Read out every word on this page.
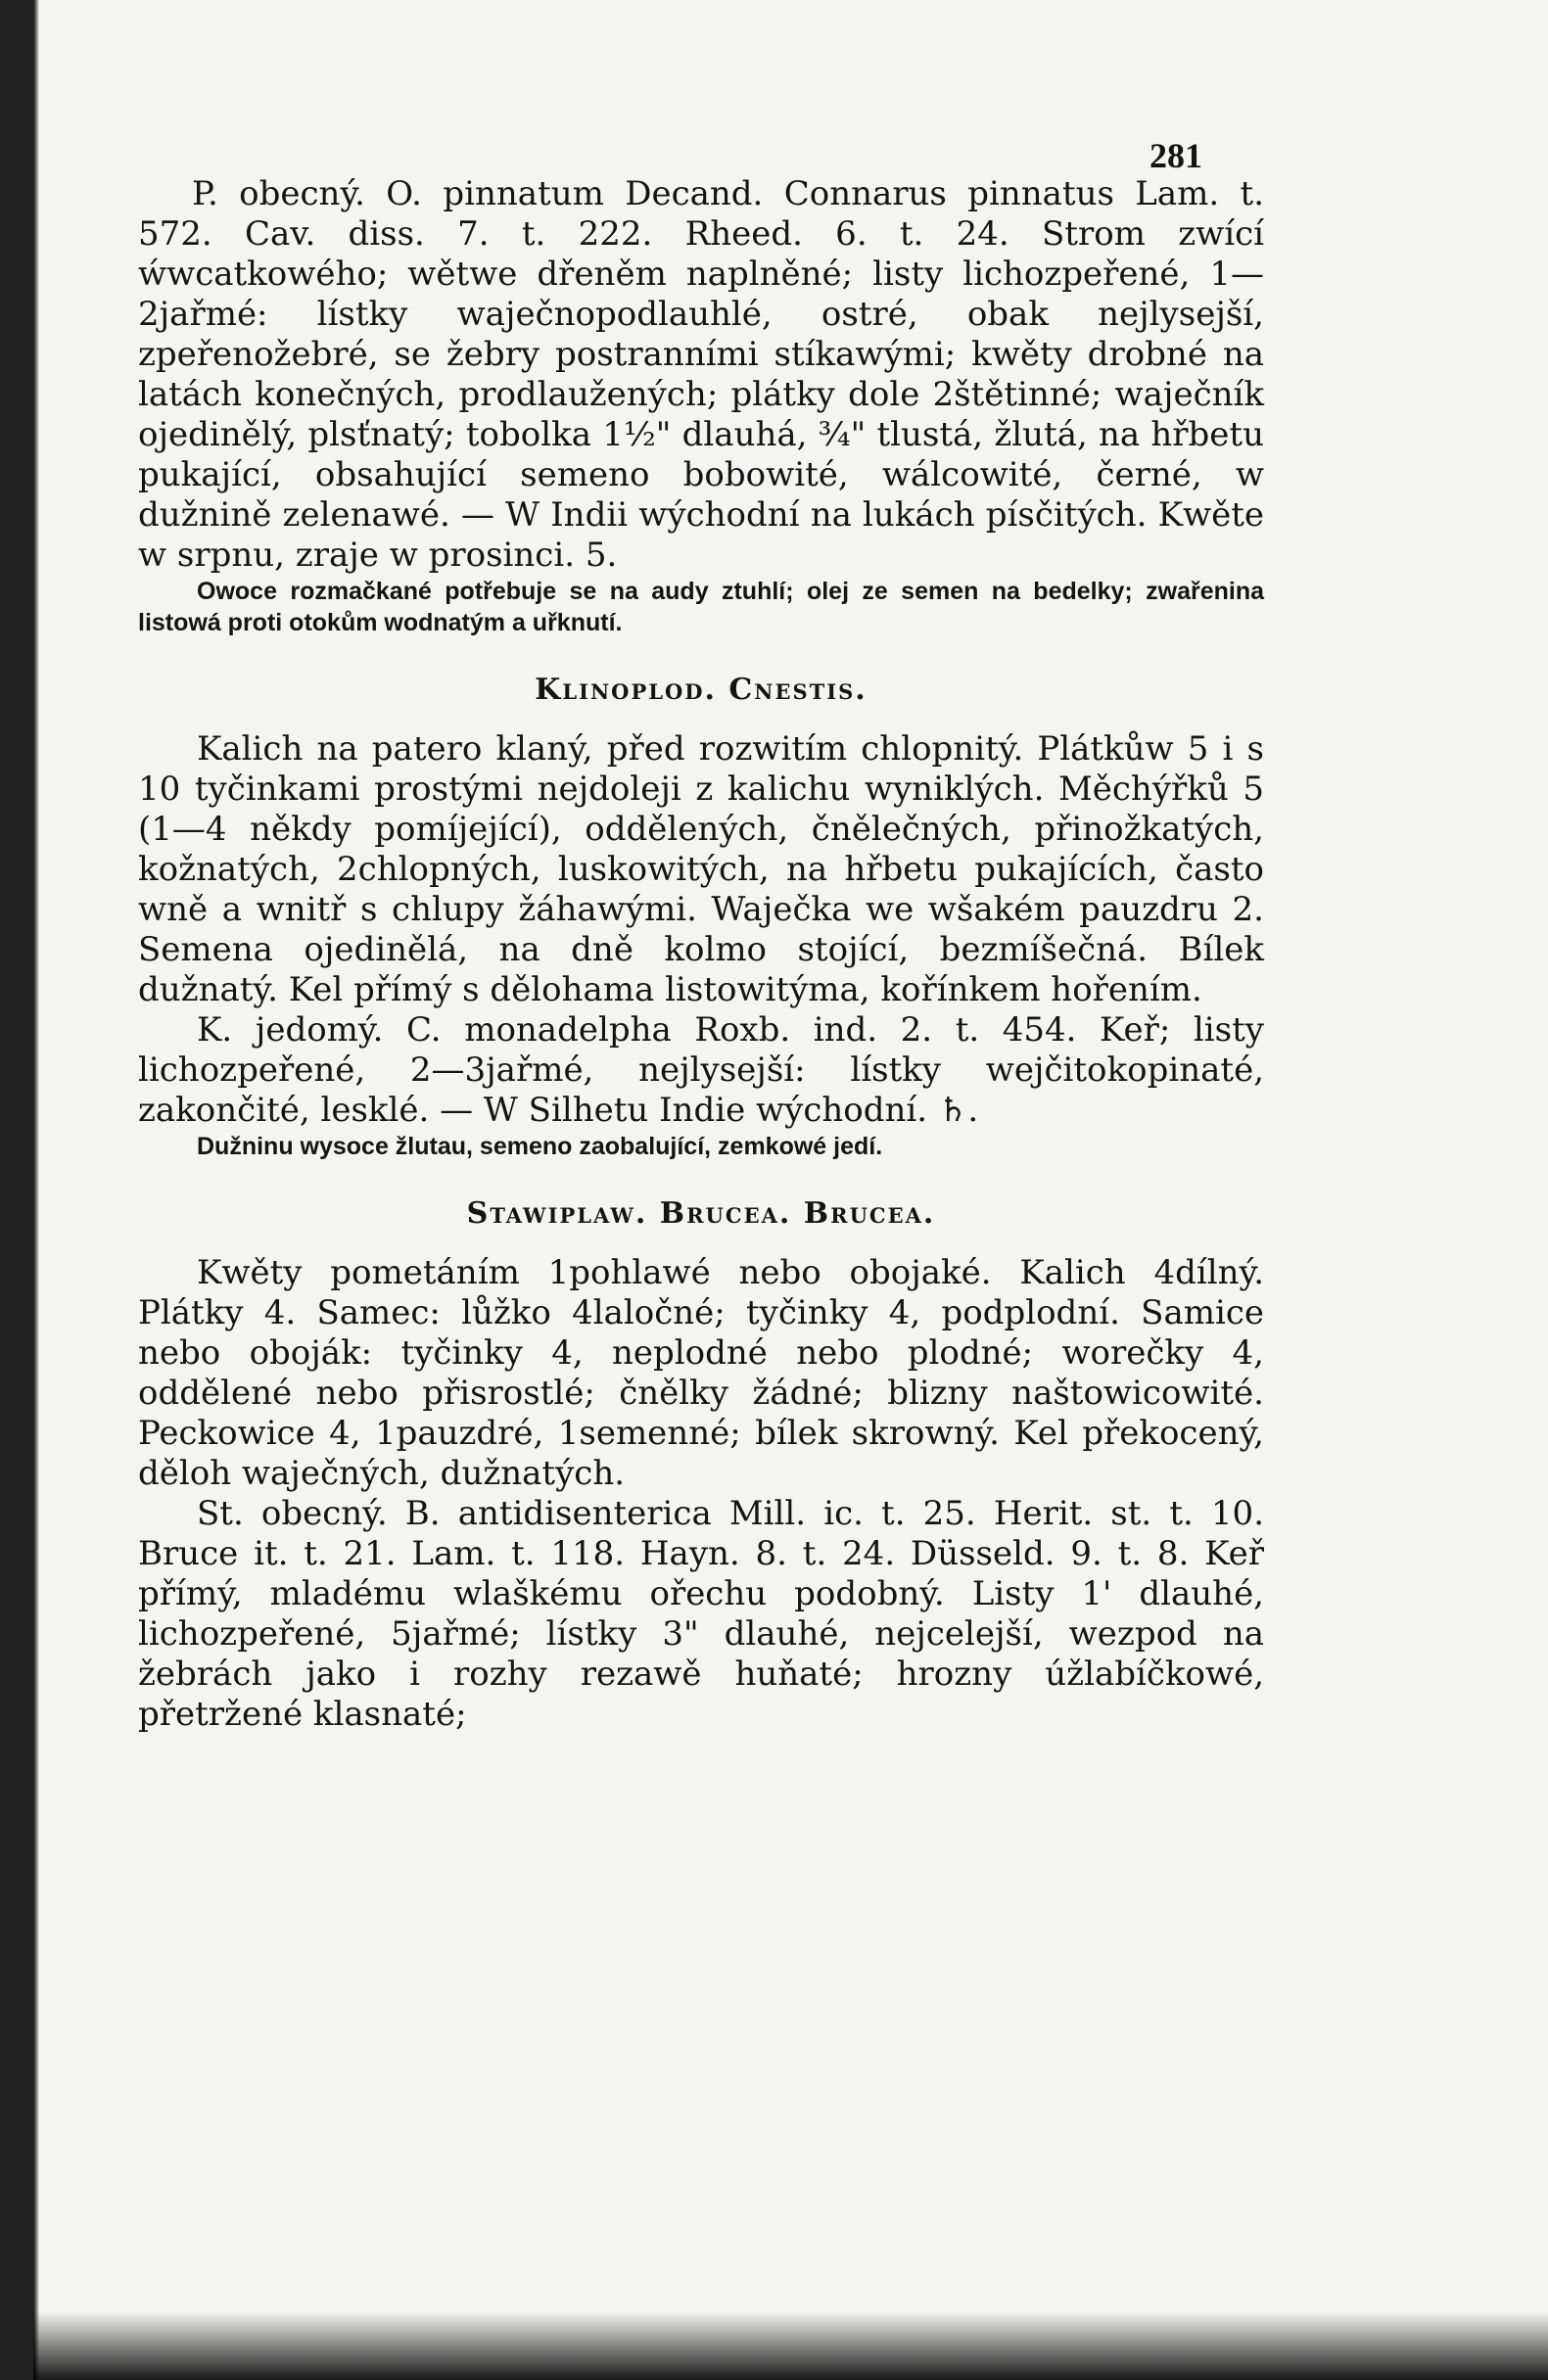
281

P. obecný. O. pinnatum Decand. Connarus pinnatus Lam. t. 572. Cav. diss. 7. t. 222. Rheed. 6. t. 24. Strom zwící ẃwcatkowého; wětwe dřeněm naplněné; listy lichozpeřené, 1—2jařmé: lístky waječnopodlauhlé, ostré, obak nejlysejší, zpeřenožebré, se žebry postranními stíkawými; kwěty drobné na latách konečných, prodlaužených; plátky dole 2štětinné; waječník ojedinělý, plsťnatý; tobolka 1½" dlauhá, ¾" tlustá, žlutá, na hřbetu pukající, obsahující semeno bobowité, wálcowité, černé, w dužnině zelenawé. — W Indii wýchodní na lukách písčitých. Kwěte w srpnu, zraje w prosinci. 5.

Owoce rozmačkané potřebuje se na audy ztuhlí; olej ze semen na bedelky; zwařenina listowá proti otokům wodnatým a uřknutí.

Klinoplod. Cnestis.

Kalich na patero klaný, před rozwitím chlopnitý. Plátkůw 5 i s 10 tyčinkami prostými nejdoleji z kalichu wyniklých. Měchýřků 5 (1—4 někdy pomíjející), oddělených, čnělečných, přinožkatých, kožnatých, 2chlopných, luskowitých, na hřbetu pukajících, často wně a wnitř s chlupy žáhawými. Waječka we wšakém pauzdru 2. Semena ojedinělá, na dně kolmo stojící, bezmíšečná. Bílek dužnatý. Kel přímý s dělohama listowitýma, kořínkem hořením.

K. jedomý. C. monadelpha Roxb. ind. 2. t. 454. Keř; listy lichozpeřené, 2—3jařmé, nejlysejší: lístky wejčitokopinaté, zakončité, lesklé. — W Silhetu Indie wýchodní. ♄.

Dužninu wysoce žlutau, semeno zaobalující, zemkowé jedí.

Stawiplaw. Brucea. Brucea.

Kwěty pometáním 1pohlawé nebo obojaké. Kalich 4dílný. Plátky 4. Samec: lůžko 4laločné; tyčinky 4, podplodní. Samice nebo oboják: tyčinky 4, neplodné nebo plodné; worečky 4, oddělené nebo přisrostlé; čnělky žádné; blizny naštowicowité. Peckowice 4, 1pauzdré, 1semenné; bílek skrowný. Kel překocený, děloh waječných, dužnatých.

St. obecný. B. antidisenterica Mill. ic. t. 25. Herit. st. t. 10. Bruce it. t. 21. Lam. t. 118. Hayn. 8. t. 24. Düsseld. 9. t. 8. Keř přímý, mladému wlaškému ořechu podobný. Listy 1' dlauhé, lichozpeřené, 5jařmé; lístky 3" dlauhé, nejcelejší, wezpod na žebrách jako i rozhy rezawě huňaté; hrozny úžlabíčkowé, přetržené klasnaté;
